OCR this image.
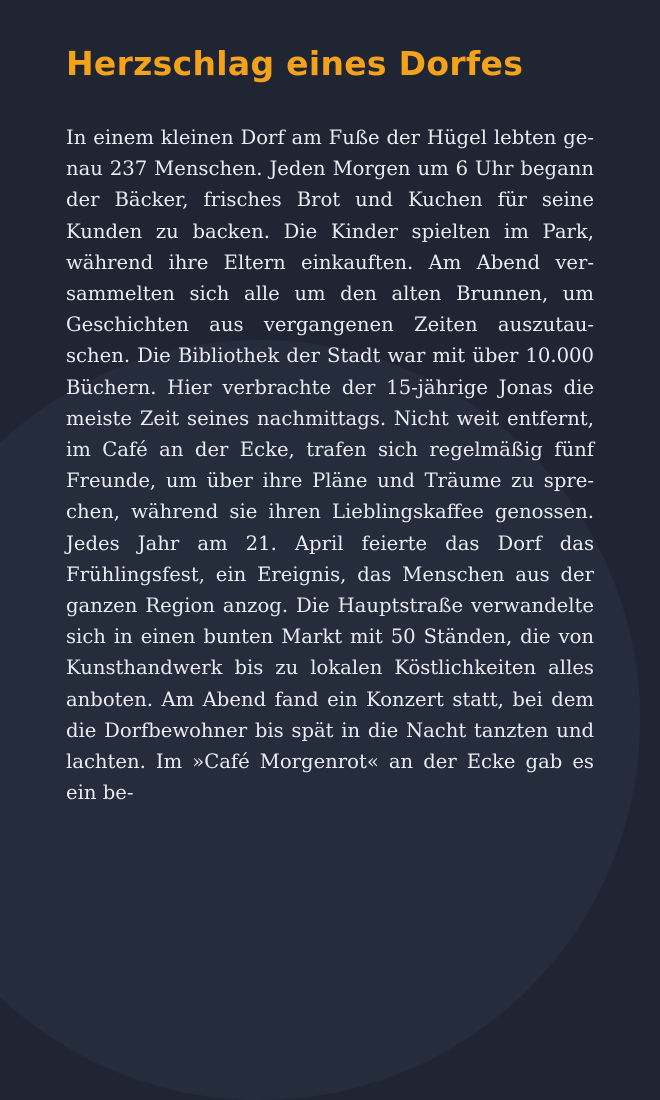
Herzschlag eines Dorfes

In einem kleinen Dorf am Fuße der Hügel lebten genau 237 Menschen. Jeden Morgen um 6 Uhr begann der Bäcker, frisches Brot und Kuchen für seine Kunden zu backen. Die Kinder spielten im Park, während ihre Eltern einkauften. Am Abend versammelten sich alle um den alten Brunnen, um Geschichten aus vergangenen Zeiten auszutauschen. Die Bibliothek der Stadt war mit über 10.000 Büchern. Hier verbrachte der 15-jährige Jonas die meiste Zeit seines nachmittags. Nicht weit entfernt, im Café an der Ecke, trafen sich regelmäßig fünf Freunde, um über ihre Pläne und Träume zu sprechen, während sie ihren Lieblingskaffee genossen. Jedes Jahr am 21. April feierte das Dorf das Frühlingsfest, ein Ereignis, das Menschen aus der ganzen Region anzog. Die Hauptstraße verwandelte sich in einen bunten Markt mit 50 Ständen, die von Kunsthandwerk bis zu lokalen Köstlichkeiten alles anboten. Am Abend fand ein Konzert statt, bei dem die Dorfbewohner bis spät in die Nacht tanzten und lachten. Im »Café Morgenrot« an der Ecke gab es ein be-
